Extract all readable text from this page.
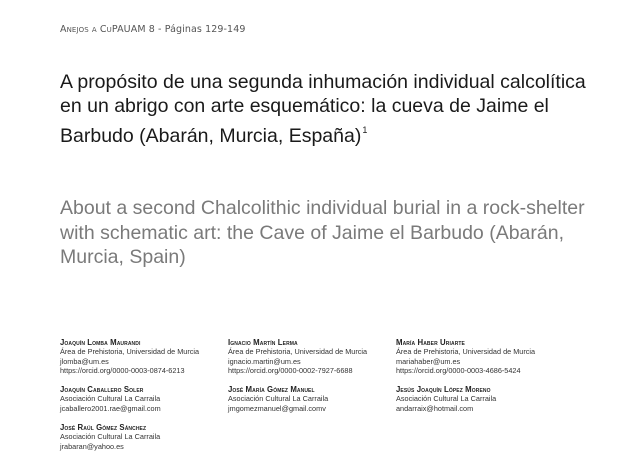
Anejos a CuPAUAM 8 - Páginas 129-149
A propósito de una segunda inhumación individual calcolítica en un abrigo con arte esquemático: la cueva de Jaime el Barbudo (Abarán, Murcia, España)$^1$
About a second Chalcolithic individual burial in a rock-shelter with schematic art: the Cave of Jaime el Barbudo (Abarán, Murcia, Spain)
Joaquín Lomba Maurandi
Área de Prehistoria, Universidad de Murcia
jlomba@um.es
https://orcid.org/0000-0003-0874-6213
Ignacio Martín Lerma
Área de Prehistoria, Universidad de Murcia
ignacio.martin@um.es
https://orcid.org/0000-0002-7927-6688
María Haber Uriarte
Área de Prehistoria, Universidad de Murcia
mariahaber@um.es
https://orcid.org/0000-0003-4686-5424
Joaquín Caballero Soler
Asociación Cultural La Carraila
jcaballero2001.rae@gmail.com
José María Gómez Manuel
Asociación Cultural La Carraila
jmgomezmanuel@gmail.comv
Jesús Joaquín López Moreno
Asociación Cultural La Carraila
andarraix@hotmail.com
José Raúl Gómez Sánchez
Asociación Cultural La Carraila
jrabaran@yahoo.es
